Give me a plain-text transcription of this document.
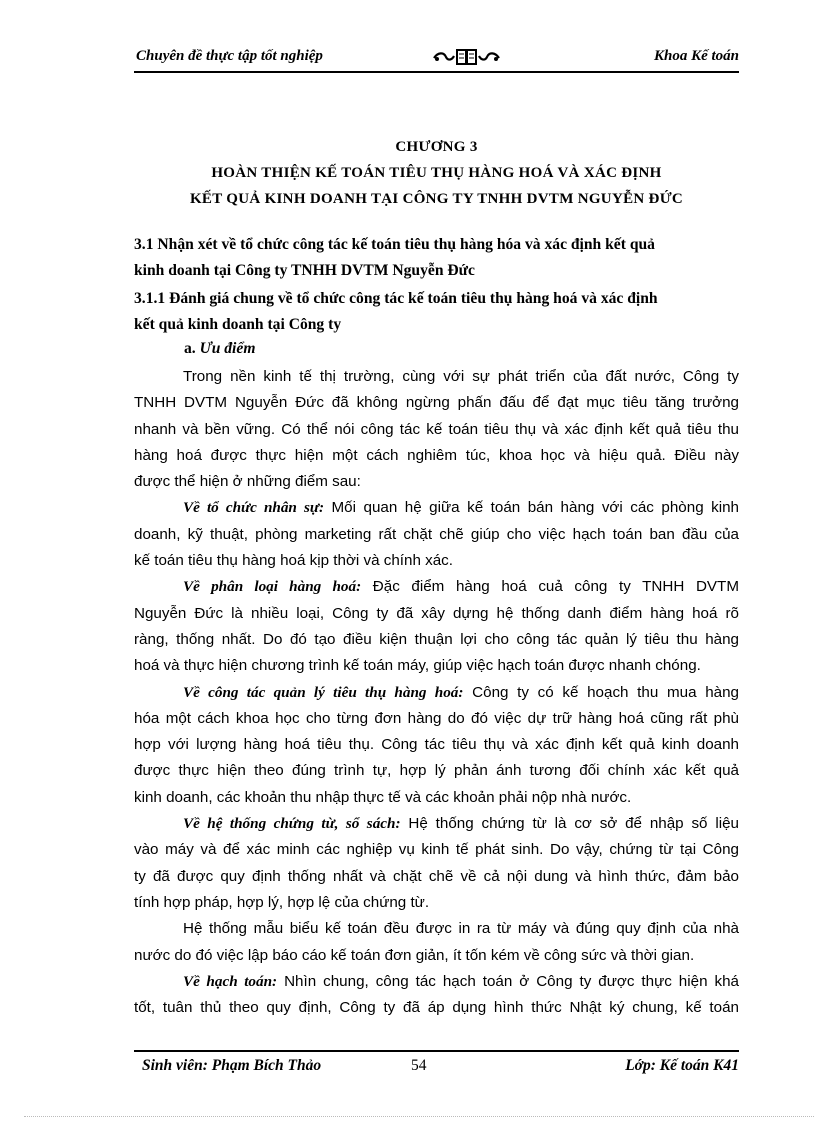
Chuyên đề thực tập tốt nghiệp	Khoa Kế toán
CHƯƠNG 3
HOÀN THIỆN KẾ TOÁN TIÊU THỤ HÀNG HOÁ VÀ XÁC ĐỊNH
KẾT QUẢ KINH DOANH TẠI CÔNG TY TNHH DVTM NGUYỄN ĐỨC
3.1 Nhận xét về tổ chức công tác kế toán tiêu thụ hàng hóa và xác định kết quả
kinh doanh tại Công ty TNHH DVTM Nguyễn Đức
3.1.1 Đánh giá chung về tổ chức công tác kế toán tiêu thụ hàng hoá và xác định
kết quả kinh doanh tại Công ty
a. Ưu điểm
Trong nền kinh tế thị trường, cùng với sự phát triển của đất nước, Công ty
TNHH DVTM Nguyễn Đức đã không ngừng phấn đấu để đạt mục tiêu tăng trưởng
nhanh và bền vững. Có thể nói công tác kế toán tiêu thụ và xác định kết quả tiêu thu
hàng hoá được thực hiện một cách nghiêm túc, khoa học và hiệu quả. Điều này
được thể hiện ở những điểm sau:
Về tổ chức nhân sự: Mối quan hệ giữa kế toán bán hàng với các phòng kinh
doanh, kỹ thuật, phòng marketing rất chặt chẽ giúp cho việc hạch toán ban đầu của
kế toán tiêu thụ hàng hoá kịp thời và chính xác.
Về phân loại hàng hoá: Đặc điểm hàng hoá cuả công ty TNHH DVTM
Nguyễn Đức là nhiều loại, Công ty đã xây dựng hệ thống danh điểm hàng hoá rõ
ràng, thống nhất. Do đó tạo điều kiện thuận lợi cho công tác quản lý tiêu thu hàng
hoá và thực hiện chương trình kế toán máy, giúp việc hạch toán được nhanh chóng.
Về công tác quản lý tiêu thụ hàng hoá: Công ty có kế hoạch thu mua hàng
hóa một cách khoa học cho từng đơn hàng do đó việc dự trữ hàng hoá cũng rất phù
hợp với lượng hàng hoá tiêu thụ. Công tác tiêu thụ và xác định kết quả kinh doanh
được thực hiện theo đúng trình tự, hợp lý phản ánh tương đối chính xác kết quả
kinh doanh, các khoản thu nhập thực tế và các khoản phải nộp nhà nước.
Về hệ thống chứng từ, sổ sách: Hệ thống chứng từ là cơ sở để nhập số liệu
vào máy và để xác minh các nghiệp vụ kinh tế phát sinh. Do vậy, chứng từ tại Công
ty đã được quy định thống nhất và chặt chẽ về cả nội dung và hình thức, đảm bảo
tính hợp pháp, hợp lý, hợp lệ của chứng từ.
Hệ thống mẫu biểu kế toán đều được in ra từ máy và đúng quy định của nhà
nước do đó việc lập báo cáo kế toán đơn giản, ít tốn kém về công sức và thời gian.
Về hạch toán: Nhìn chung, công tác hạch toán ở Công ty được thực hiện khá
tốt, tuân thủ theo quy định, Công ty đã áp dụng hình thức Nhật ký chung, kế toán
Sinh viên: Phạm Bích Thảo	54	Lớp: Kế toán K41
